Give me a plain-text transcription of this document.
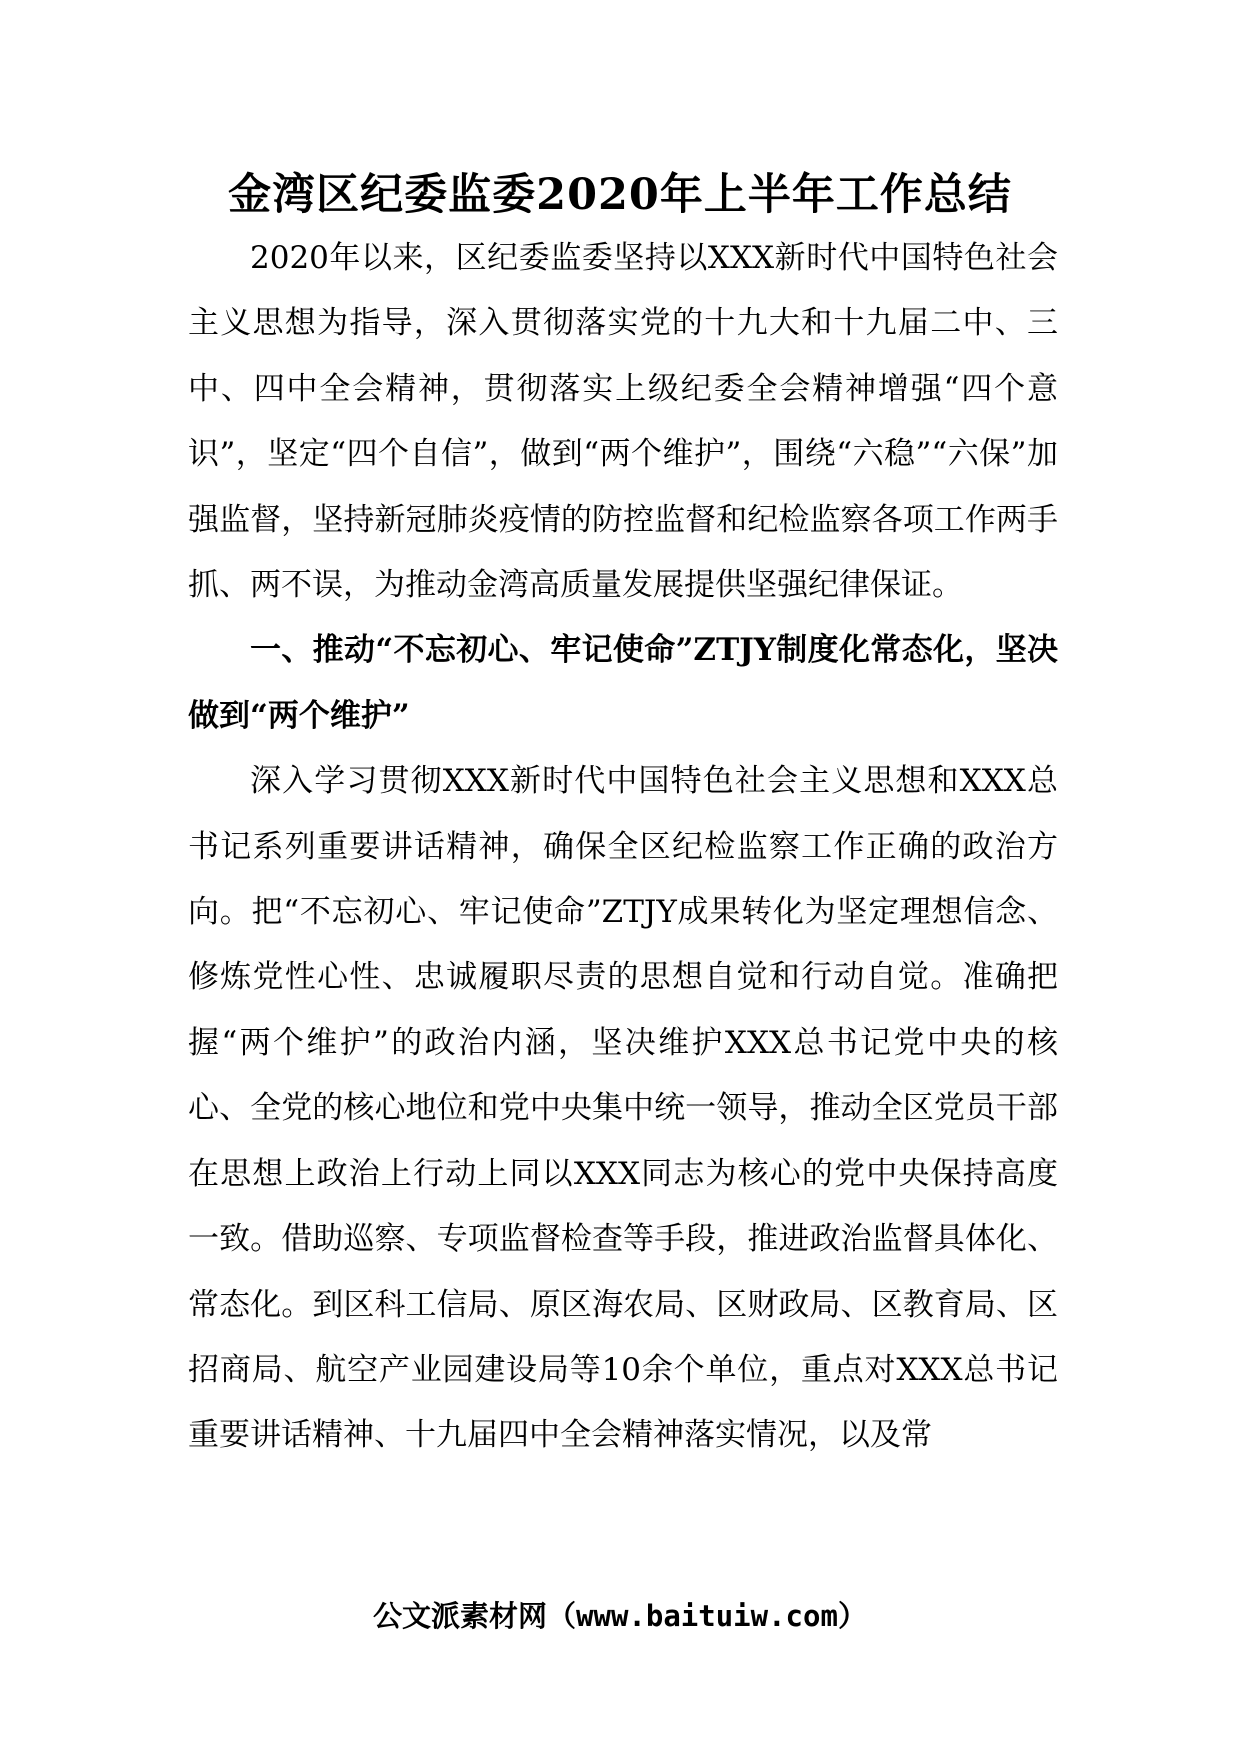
金湾区纪委监委2020年上半年工作总结

2020年以来，区纪委监委坚持以XXX新时代中国特色社会主义思想为指导，深入贯彻落实党的十九大和十九届二中、三中、四中全会精神，贯彻落实上级纪委全会精神增强“四个意识”，坚定“四个自信”，做到“两个维护”，围绕“六稳”“六保”加强监督，坚持新冠肺炎疫情的防控监督和纪检监察各项工作两手抓、两不误，为推动金湾高质量发展提供坚强纪律保证。

一、推动“不忘初心、牢记使命”ZTJY制度化常态化，坚决做到“两个维护”

深入学习贯彻XXX新时代中国特色社会主义思想和XXX总书记系列重要讲话精神，确保全区纪检监察工作正确的政治方向。把“不忘初心、牢记使命”ZTJY成果转化为坚定理想信念、修炼党性心性、忠诚履职尽责的思想自觉和行动自觉。准确把握“两个维护”的政治内涵，坚决维护XXX总书记党中央的核心、全党的核心地位和党中央集中统一领导，推动全区党员干部在思想上政治上行动上同以XXX同志为核心的党中央保持高度一致。借助巡察、专项监督检查等手段，推进政治监督具体化、常态化。到区科工信局、原区海农局、区财政局、区教育局、区招商局、航空产业园建设局等10余个单位，重点对XXX总书记重要讲话精神、十九届四中全会精神落实情况，以及常

公文派素材网（www.baituiw.com）
